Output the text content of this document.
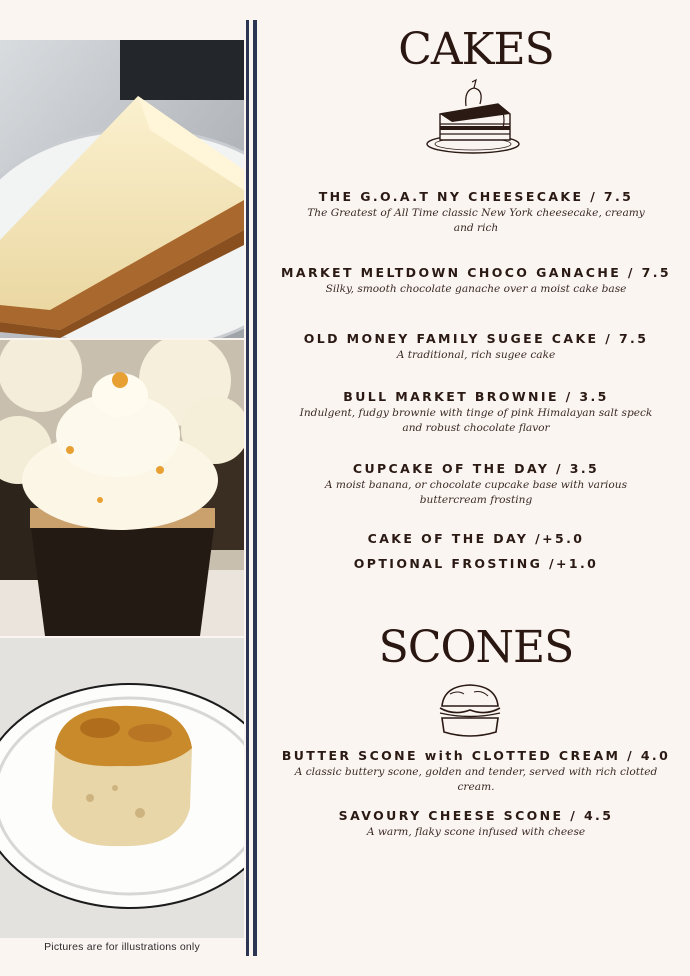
Pictures are for illustrations only
CAKES
THE G.O.A.T NY CHEESECAKE / 7.5
The Greatest of All Time classic New York cheesecake, creamy and rich
MARKET MELTDOWN CHOCO GANACHE / 7.5
Silky, smooth chocolate ganache over a moist cake base
OLD MONEY FAMILY SUGEE CAKE / 7.5
A traditional, rich sugee cake
BULL MARKET BROWNIE / 3.5
Indulgent, fudgy brownie with tinge of pink Himalayan salt speck and robust chocolate flavor
CUPCAKE OF THE DAY / 3.5
A moist banana, or chocolate cupcake base with various buttercream frosting
CAKE OF THE DAY /+5.0
OPTIONAL FROSTING /+1.0
SCONES
BUTTER SCONE with CLOTTED CREAM / 4.0
A classic buttery scone, golden and tender, served with rich clotted cream.
SAVOURY CHEESE SCONE / 4.5
A warm, flaky scone infused with cheese
